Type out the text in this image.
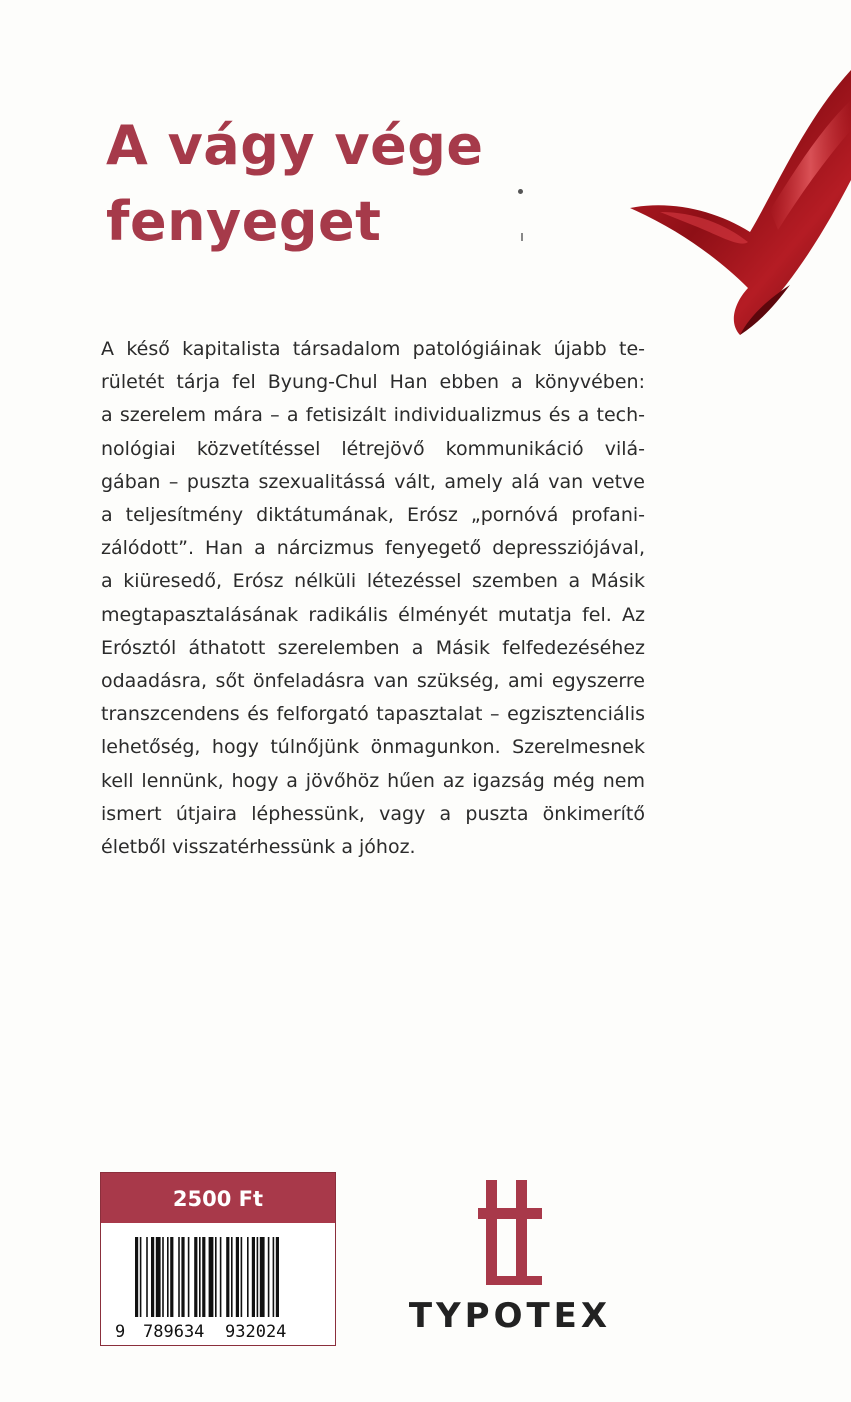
A vágy vége
fenyeget
A késő kapitalista társadalom patológiáinak újabb te-
rületét tárja fel Byung-Chul Han ebben a könyvében:
a szerelem mára – a fetisizált individualizmus és a tech-
nológiai közvetítéssel létrejövő kommunikáció vilá-
gában – puszta szexualitássá vált, amely alá van vetve
a teljesítmény diktátumának, Erósz „pornóvá profani-
zálódott”. Han a nárcizmus fenyegető depressziójával,
a kiüresedő, Erósz nélküli létezéssel szemben a Másik
megtapasztalásának radikális élményét mutatja fel. Az
Erósztól áthatott szerelemben a Másik felfedezéséhez
odaadásra, sőt önfeladásra van szükség, ami egyszerre
transzcendens és felforgató tapasztalat – egzisztenciális
lehetőség, hogy túlnőjünk önmagunkon. Szerelmesnek
kell lennünk, hogy a jövőhöz hűen az igazság még nem
ismert útjaira léphessünk, vagy a puszta önkimerítő
életből visszatérhessünk a jóhoz.
2500 Ft
9 789634 932024	TYPOTEX
